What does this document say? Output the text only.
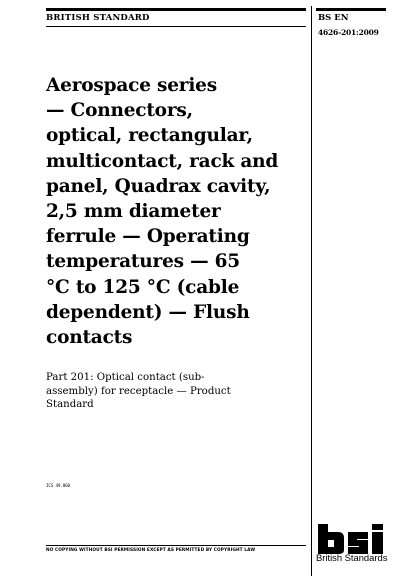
BRITISH STANDARD	BS EN
4626-201:2009
Aerospace series
— Connectors,
optical, rectangular,
multicontact, rack and
panel, Quadrax cavity,
2,5 mm diameter
ferrule — Operating
temperatures — 65
°C to 125 °C (cable
dependent) — Flush
contacts
Part 201: Optical contact (sub-
assembly) for receptacle — Product
Standard
ICS 49.060
NO COPYING WITHOUT BSI PERMISSION EXCEPT AS PERMITTED BY COPYRIGHT LAW
British Standards
